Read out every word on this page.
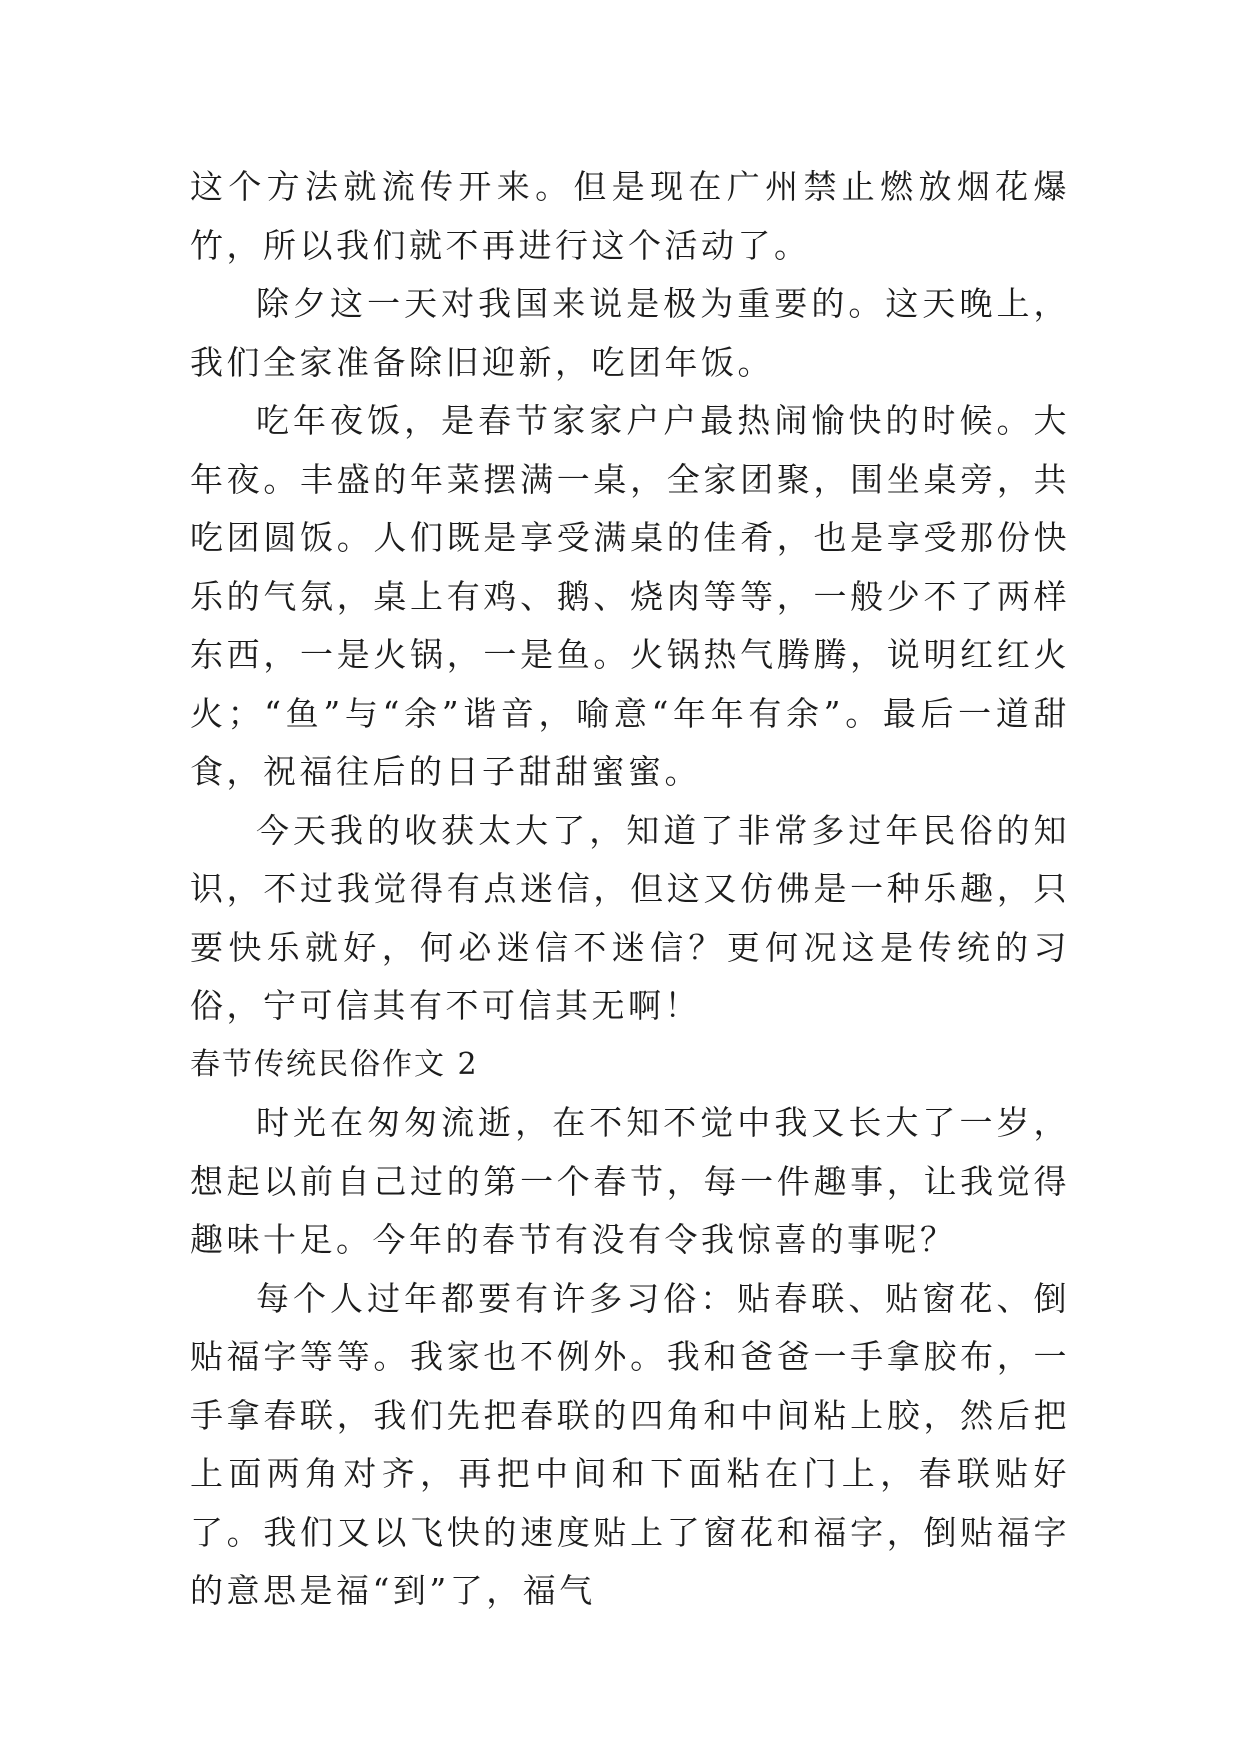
这个方法就流传开来。但是现在广州禁止燃放烟花爆竹，所以我们就不再进行这个活动了。

除夕这一天对我国来说是极为重要的。这天晚上，我们全家准备除旧迎新，吃团年饭。

吃年夜饭，是春节家家户户最热闹愉快的时候。大年夜。丰盛的年菜摆满一桌，全家团聚，围坐桌旁，共吃团圆饭。人们既是享受满桌的佳肴，也是享受那份快乐的气氛，桌上有鸡、鹅、烧肉等等，一般少不了两样东西，一是火锅，一是鱼。火锅热气腾腾，说明红红火火；“鱼”与“余”谐音，喻意“年年有余”。最后一道甜食，祝福往后的日子甜甜蜜蜜。

今天我的收获太大了，知道了非常多过年民俗的知识，不过我觉得有点迷信，但这又仿佛是一种乐趣，只要快乐就好，何必迷信不迷信？更何况这是传统的习俗，宁可信其有不可信其无啊！

春节传统民俗作文 2

时光在匆匆流逝，在不知不觉中我又长大了一岁，想起以前自己过的第一个春节，每一件趣事，让我觉得趣味十足。今年的春节有没有令我惊喜的事呢？

每个人过年都要有许多习俗：贴春联、贴窗花、倒贴福字等等。我家也不例外。我和爸爸一手拿胶布，一手拿春联，我们先把春联的四角和中间粘上胶，然后把上面两角对齐，再把中间和下面粘在门上，春联贴好了。我们又以飞快的速度贴上了窗花和福字，倒贴福字的意思是福“到”了，福气
